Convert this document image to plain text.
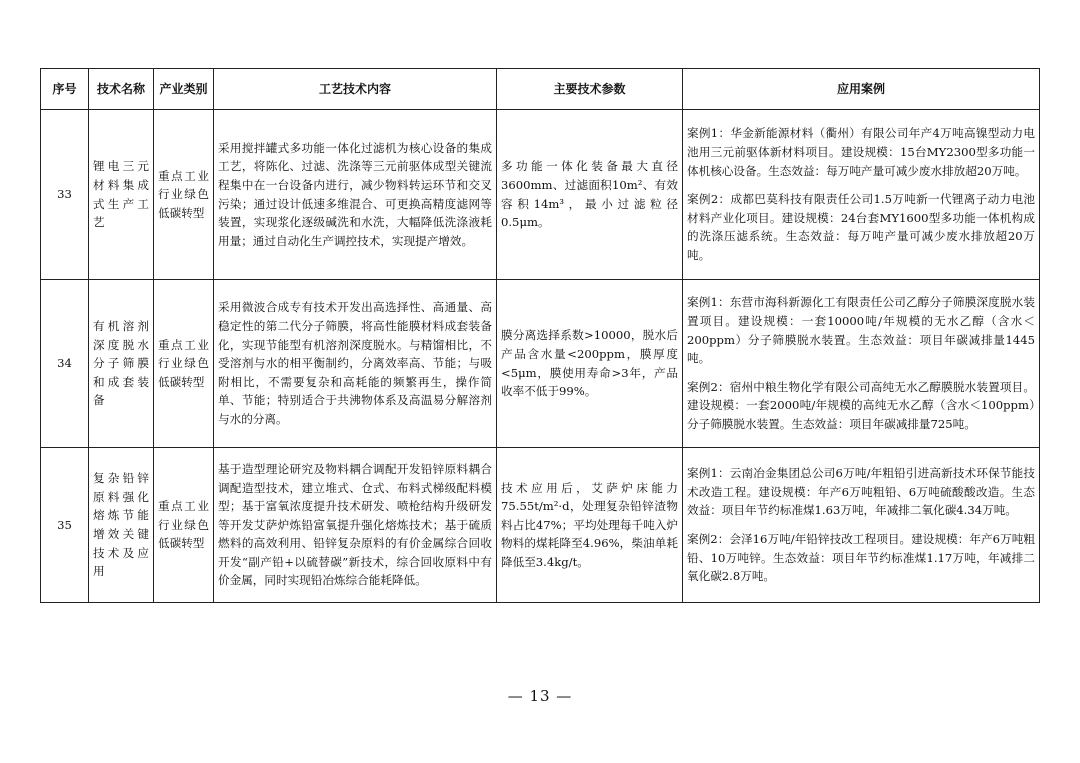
序号	技术名称	产业类别	工艺技术内容	主要技术参数	应用案例
33	锂电三元材料集成式生产工艺	重点工业行业绿色低碳转型	采用搅拌罐式多功能一体化过滤机为核心设备的集成工艺，将陈化、过滤、洗涤等三元前驱体成型关键流程集中在一台设备内进行，减少物料转运环节和交叉污染；通过设计低速多维混合、可更换高精度滤网等装置，实现浆化逐级碱洗和水洗，大幅降低洗涤液耗用量；通过自动化生产调控技术，实现提产增效。	多功能一体化装备最大直径3600mm、过滤面积10m²、有效容积14m³，最小过滤粒径0.5μm。	案例1：华金新能源材料（衢州）有限公司年产4万吨高镍型动力电池用三元前驱体新材料项目。建设规模：15台MY2300型多功能一体机核心设备。生态效益：每万吨产量可减少废水排放超20万吨。
案例2：成都巴莫科技有限责任公司1.5万吨新一代锂离子动力电池材料产业化项目。建设规模：24台套MY1600型多功能一体机构成的洗涤压滤系统。生态效益：每万吨产量可减少废水排放超20万吨。

34	有机溶剂深度脱水分子筛膜和成套装备	重点工业行业绿色低碳转型	采用微波合成专有技术开发出高选择性、高通量、高稳定性的第二代分子筛膜，将高性能膜材料成套装备化，实现节能型有机溶剂深度脱水。与精馏相比，不受溶剂与水的相平衡制约，分离效率高、节能；与吸附相比，不需要复杂和高耗能的频繁再生，操作简单、节能；特别适合于共沸物体系及高温易分解溶剂与水的分离。	膜分离选择系数>10000，脱水后产品含水量<200ppm，膜厚度<5μm，膜使用寿命>3年，产品收率不低于99%。	案例1：东营市海科新源化工有限责任公司乙醇分子筛膜深度脱水装置项目。建设规模：一套10000吨/年规模的无水乙醇（含水＜200ppm）分子筛膜脱水装置。生态效益：项目年碳减排量1445吨。
案例2：宿州中粮生物化学有限公司高纯无水乙醇膜脱水装置项目。建设规模：一套2000吨/年规模的高纯无水乙醇（含水＜100ppm）分子筛膜脱水装置。生态效益：项目年碳减排量725吨。

35	复杂铅锌原料强化熔炼节能增效关键技术及应用	重点工业行业绿色低碳转型	基于造型理论研究及物料耦合调配开发铅锌原料耦合调配造型技术，建立堆式、仓式、布料式梯级配料模型；基于富氧浓度提升技术研发、喷枪结构升级研发等开发艾萨炉炼铅富氧提升强化熔炼技术；基于硫质燃料的高效利用、铅锌复杂原料的有价金属综合回收开发“副产铅+以硫替碳”新技术，综合回收原料中有价金属，同时实现铅冶炼综合能耗降低。	技术应用后，艾萨炉床能力75.55t/m²·d，处理复杂铅锌渣物料占比47%；平均处理每千吨入炉物料的煤耗降至4.96%，柴油单耗降低至3.4kg/t。	案例1：云南冶金集团总公司6万吨/年粗铅引进高新技术环保节能技术改造工程。建设规模：年产6万吨粗铅、6万吨硫酸酸改造。生态效益：项目年节约标准煤1.63万吨，年减排二氧化碳4.34万吨。
案例2：会泽16万吨/年铅锌技改工程项目。建设规模：年产6万吨粗铅、10万吨锌。生态效益：项目年节约标准煤1.17万吨，年减排二氧化碳2.8万吨。
— 13 —
